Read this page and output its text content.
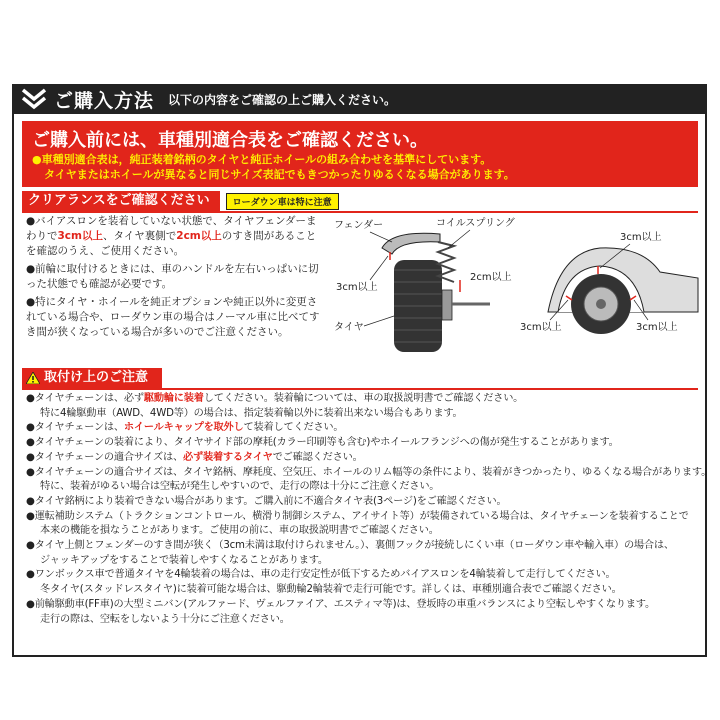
ご購入方法 以下の内容をご確認の上ご購入ください。
ご購入前には、車種別適合表をご確認ください。
●車種別適合表は，純正装着銘柄のタイヤと純正ホイールの組み合わせを基準にしています。
タイヤまたはホイールが異なると同じサイズ表記でもきつかったりゆるくなる場合があります。
クリアランスをご確認ください	ローダウン車は特に注意
●バイアスロンを装着していない状態で、タイヤフェンダーまわりで3cm以上、タイヤ裏側で2cm以上のすき間があることを確認のうえ、ご使用ください。
●前輪に取付けるときには、車のハンドルを左右いっぱいに切った状態でも確認が必要です。
●特にタイヤ・ホイールを純正オプションや純正以外に変更されている場合や、ローダウン車の場合はノーマル車に比べてすき間が狭くなっている場合が多いのでご注意ください。
フェンダー	コイルスプリング
3cm以上
2cm以上
タイヤ
3cm以上
3cm以上	3cm以上
取付け上のご注意
●タイヤチェーンは、必ず駆動輪に装着してください。装着輪については、車の取扱説明書でご確認ください。
特に4輪駆動車（AWD、4WD等）の場合は、指定装着輪以外に装着出来ない場合もあります。
●タイヤチェーンは、ホイールキャップを取外して装着してください。
●タイヤチェーンの装着により、タイヤサイド部の摩耗(カラー印刷等も含む)やホイールフランジへの傷が発生することがあります。
●タイヤチェーンの適合サイズは、必ず装着するタイヤでご確認ください。
●タイヤチェーンの適合サイズは、タイヤ銘柄、摩耗度、空気圧、ホイールのリム幅等の条件により、装着がきつかったり、ゆるくなる場合があります。
特に、装着がゆるい場合は空転が発生しやすいので、走行の際は十分にご注意ください。
●タイヤ銘柄により装着できない場合があります。ご購入前に不適合タイヤ表(3ページ)をご確認ください。
●運転補助システム（トラクションコントロール、横滑り制御システム、アイサイト等）が装備されている場合は、タイヤチェーンを装着することで
本来の機能を損なうことがあります。ご使用の前に、車の取扱説明書でご確認ください。
●タイヤ上側とフェンダーのすき間が狭く（3cm未満は取付けられません。）、裏側フックが接続しにくい車（ローダウン車や輸入車）の場合は、
ジャッキアップをすることで装着しやすくなることがあります。
●ワンボックス車で普通タイヤを4輪装着の場合は、車の走行安定性が低下するためバイアスロンを4輪装着して走行してください。
冬タイヤ(スタッドレスタイヤ)に装着可能な場合は、駆動輪2輪装着で走行可能です。詳しくは、車種別適合表でご確認ください。
●前輪駆動車(FF車)の大型ミニバン(アルファード、ヴェルファイア、エスティマ等)は、登坂時の車重バランスにより空転しやすくなります。
走行の際は、空転をしないよう十分にご注意ください。
